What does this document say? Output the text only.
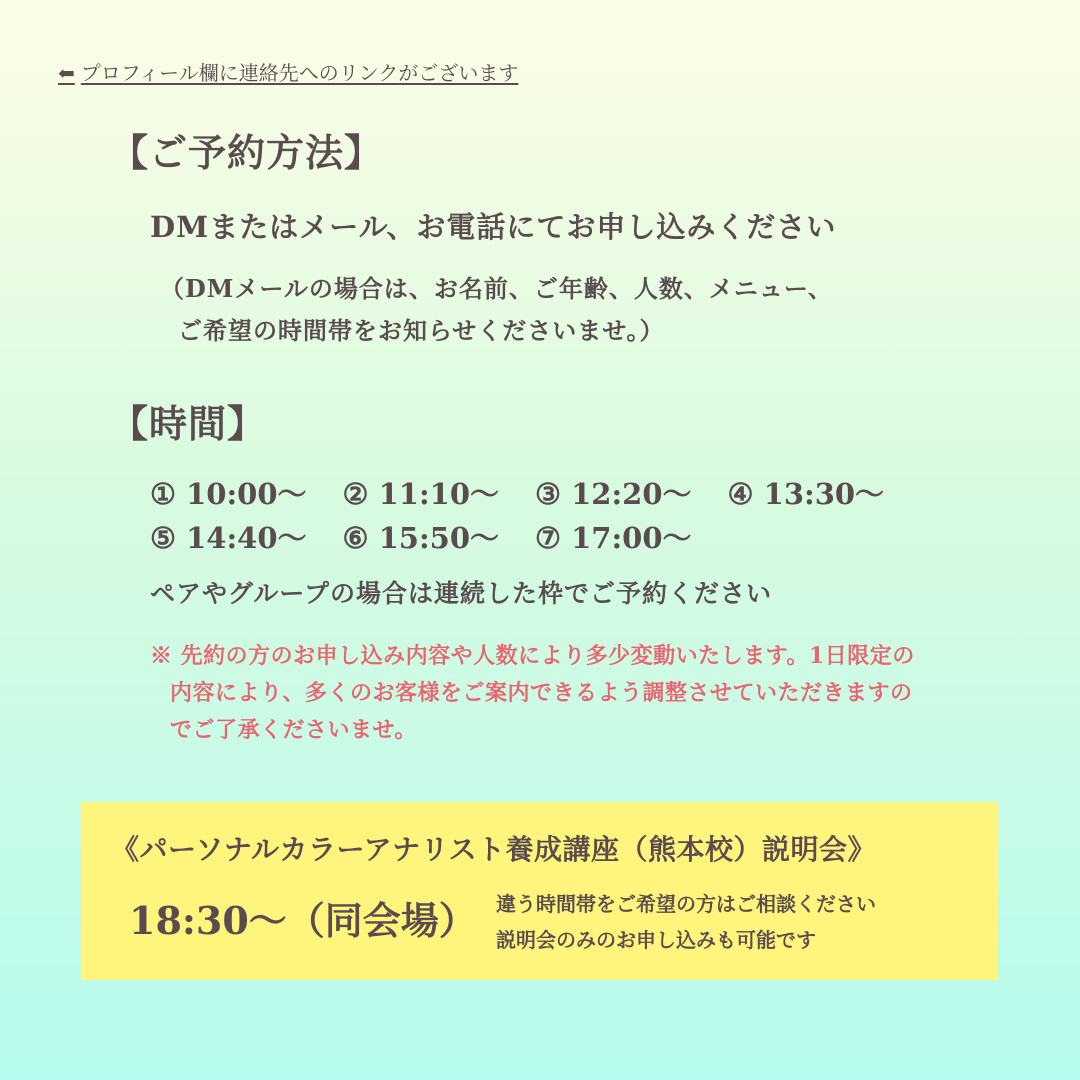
⬅ プロフィール欄に連絡先へのリンクがございます
【ご予約方法】
DMまたはメール、お電話にてお申し込みください
（DMメールの場合は、お名前、ご年齢、人数、メニュー、
ご希望の時間帯をお知らせくださいませ。）
【時間】
① 10:00〜 ② 11:10〜 ③ 12:20〜 ④ 13:30〜
⑤ 14:40〜 ⑥ 15:50〜 ⑦ 17:00〜
ペアやグループの場合は連続した枠でご予約ください
※ 先約の方のお申し込み内容や人数により多少変動いたします。1日限定の
内容により、多くのお客様をご案内できるよう調整させていただきますの
でご了承くださいませ。
《パーソナルカラーアナリスト養成講座（熊本校）説明会》
18:30〜（同会場） 違う時間帯をご希望の方はご相談ください
説明会のみのお申し込みも可能です
